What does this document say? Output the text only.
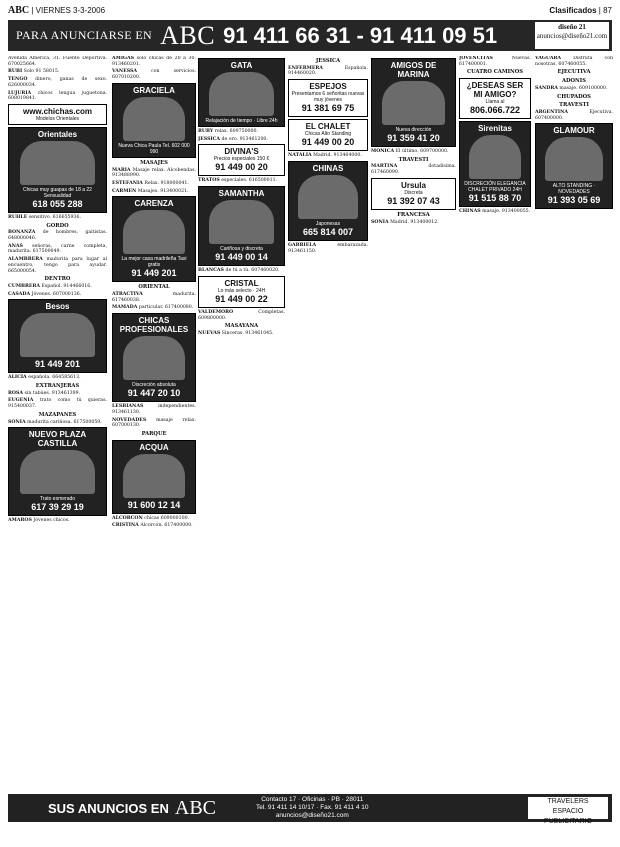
ABC | VIERNES 3-3-2006	Clasificados | 87
PARA ANUNCIARSE EN ABC 91 411 66 31 - 91 411 09 51	diseño 21
anuncios@diseño21.com
Avenida América, 31. Fuente Deportiva. 670025664.
RUBI Solo 91 58015.
TENGO dinero, ganas de sexo. 626000034.
LUJURIA chicos lengua juguetona. 608019841.
www.chichas.com
Modelos Orientales
Orientales
Chicas muy guapas de 18 a 22 Sensualidad
618 055 288
RUHLE sensitivo. 616655936.
GORDO
BONANZA de hombres, gaitistas. 648000046.
ANAS señoras, carne completa, madurita. 617500049.
ALAMBRERA madurita para lugar al encuentro, tengo para ayudar. 665000054.
DENTRO
CUMBRERA Español. 914466016.
CASADA Jóvenes. 607000136.
Besos
91 449 201
ALICIA española. 664585613.
EXTRANJERAS
ROSA sin tabúes. 913461399.
EUGENIA trato como tú quieras. 915400037.
MAZAPANES
SONIA madurita cariñosa. 617500059.
NUEVO PLAZA CASTILLA
Trato esmerado
617 39 29 19
AMAROS Jóvenes chicos.
AMIGAS solo chicas de 20 a 30. 913460201.
VANESSA	con servicios. 607010200.
GRACIELA
Nueva Chica Paula Tel. 602 000 990
MASAJES
MARIA Masaje relax. Alcobendas. 913488990.
ESTEFANIA Relax. 918000041.
CARMEN Masajes. 913400021.
CARENZA
La mejor casa madrileña Taxi gratis
91 449 201
ORIENTAL
ATRACTIVA	madurita. 617460038.
MAMADA particular. 617400080.
CHICAS PROFESIONALES
Discreción absoluta
91 447 20 10
LESBIANAS	independientes. 913461130.
NOVEDADES masaje relax. 607000130.
PARQUE
ACQUA
91 600 12 14
ALCORCON chicas 609000100.
CRISTINA Alcorcón. 617400000.
GATA
Relajación de tiempo · Libre 24h
RUBY relax. 609750000.
JESSICA de oro. 913461200.
DIVINA'S
Precios especiales 150 €
91 449 00 20
TRATOS especiales. 616500011.
SAMANTHA
Cariñosa y discreta
91 449 00 14
BLANCAS de tú a tú. 607460020.
CRISTAL
Lo más selecto · 24H
91 449 00 22
VALDEMORO	Completas. 609800000.
MASAYANA
NUEVAS Sinceras. 913461045.
JESSICA
ENFERMERA	Española. 914460020.
ESPEJOS
Presentamos 6 señoritas nuevas muy jóvenes
91 381 69 75
EL CHALET
Chicas Alto Standing
91 449 00 20
NATALIA Madrid. 913464000.
CHINAS
Japonesas
665 814 007
GABRIELA	embarazada. 913461150.
AMIGOS DE MARINA
Nueva dirección
91 359 41 20
MONICA El último. 609700000.
TRAVESTI
MARTINA	dotadísima. 617460090.
Ursula
Discreta
91 392 07 43
FRANCESA
SONIA Madrid. 913400012.
JOVENCITAS	Nuevas. 617400001.
CUATRO CAMINOS
¿DESEAS SER MI AMIGO?
Llama al
806.066.722
Sirenitas
DISCRECIÓN ELEGANCIA CHALET PRIVADO 24H
91 515 88 70
CHINAS masaje. 913400055.
VAGUARA	Dísfruta con nosotras. 607460055.
EJECUTIVA
ADONIS
SANDRA masaje. 609100000.
CHUPADOS
TRAVESTI
ARGENTINA	Ejecutiva. 607400000.
GLAMOUR
ALTO STANDING · NOVEDADES
91 393 05 69
SUS ANUNCIOS EN ABC	Contacto 17 · Oficinas · PB · 28011
Tel. 91 411 14 10/17 · Fax. 91 411 4 10
anuncios@diseño21.com
TRAVELERS
ESPACIO PUBLICITARIO
